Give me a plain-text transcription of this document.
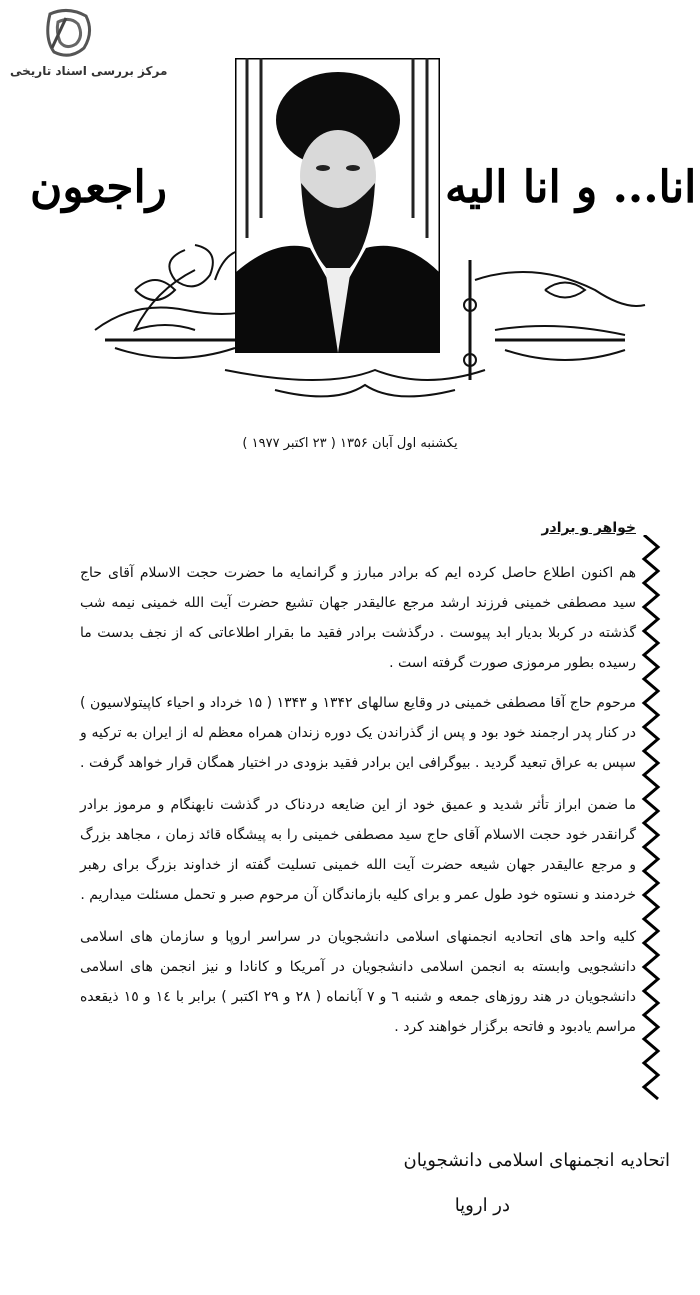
مرکز بررسی اسناد تاریخی
انا... و انا الیه
راجعون
یکشنبه اول آبان ۱۳۵۶ ( ۲۳ اکتبر ۱۹۷۷ )
خواهر و برادر

هم اکنون اطلاع حاصل کرده ایم که برادر مبارز و گرانمایه ما حضرت حجت الاسلام آقای حاج سید مصطفی خمینی فرزند ارشد مرجع عالیقدر جهان تشیع حضرت آیت الله خمینی نیمه شب گذشته در کربلا بدیار ابد پیوست . درگذشت برادر فقید ما بقرار اطلاعاتی که از نجف بدست ما رسیده بطور مرموزی صورت گرفته است .

مرحوم حاج آقا مصطفی خمینی در وقایع سالهای ۱۳۴۲ و ۱۳۴۳ ( ۱۵ خرداد و احیاء کاپیتولاسیون ) در کنار پدر ارجمند خود بود و پس از گذراندن یک دوره زندان همراه معظم له از ایران به ترکیه و سپس به عراق تبعید گردید . بیوگرافی این برادر فقید بزودی در اختیار همگان قرار خواهد گرفت .

ما ضمن ابراز تأثر شدید و عمیق خود از این ضایعه دردناک در گذشت نابهنگام و مرموز برادر گرانقدر خود حجت الاسلام آقای حاج سید مصطفی خمینی را به پیشگاه قائد زمان ، مجاهد بزرگ و مرجع عالیقدر جهان شیعه حضرت آیت الله خمینی تسلیت گفته از خداوند بزرگ برای رهبر خردمند و نستوه خود طول عمر و برای کلیه بازماندگان آن مرحوم صبر و تحمل مسئلت میداریم .

کلیه واحد های اتحادیه انجمنهای اسلامی دانشجویان در سراسر اروپا و سازمان های اسلامی دانشجویی وابسته به انجمن اسلامی دانشجویان در آمریکا و کانادا و نیز انجمن های اسلامی دانشجویان در هند روزهای جمعه و شنبه ٦ و ٧ آبانماه ( ۲۸ و ۲۹ اکتبر ) برابر با ١٤ و ١٥ ذیقعده مراسم یادبود و فاتحه برگزار خواهند کرد .

اتحادیه انجمنهای اسلامی دانشجویان
در اروپا
